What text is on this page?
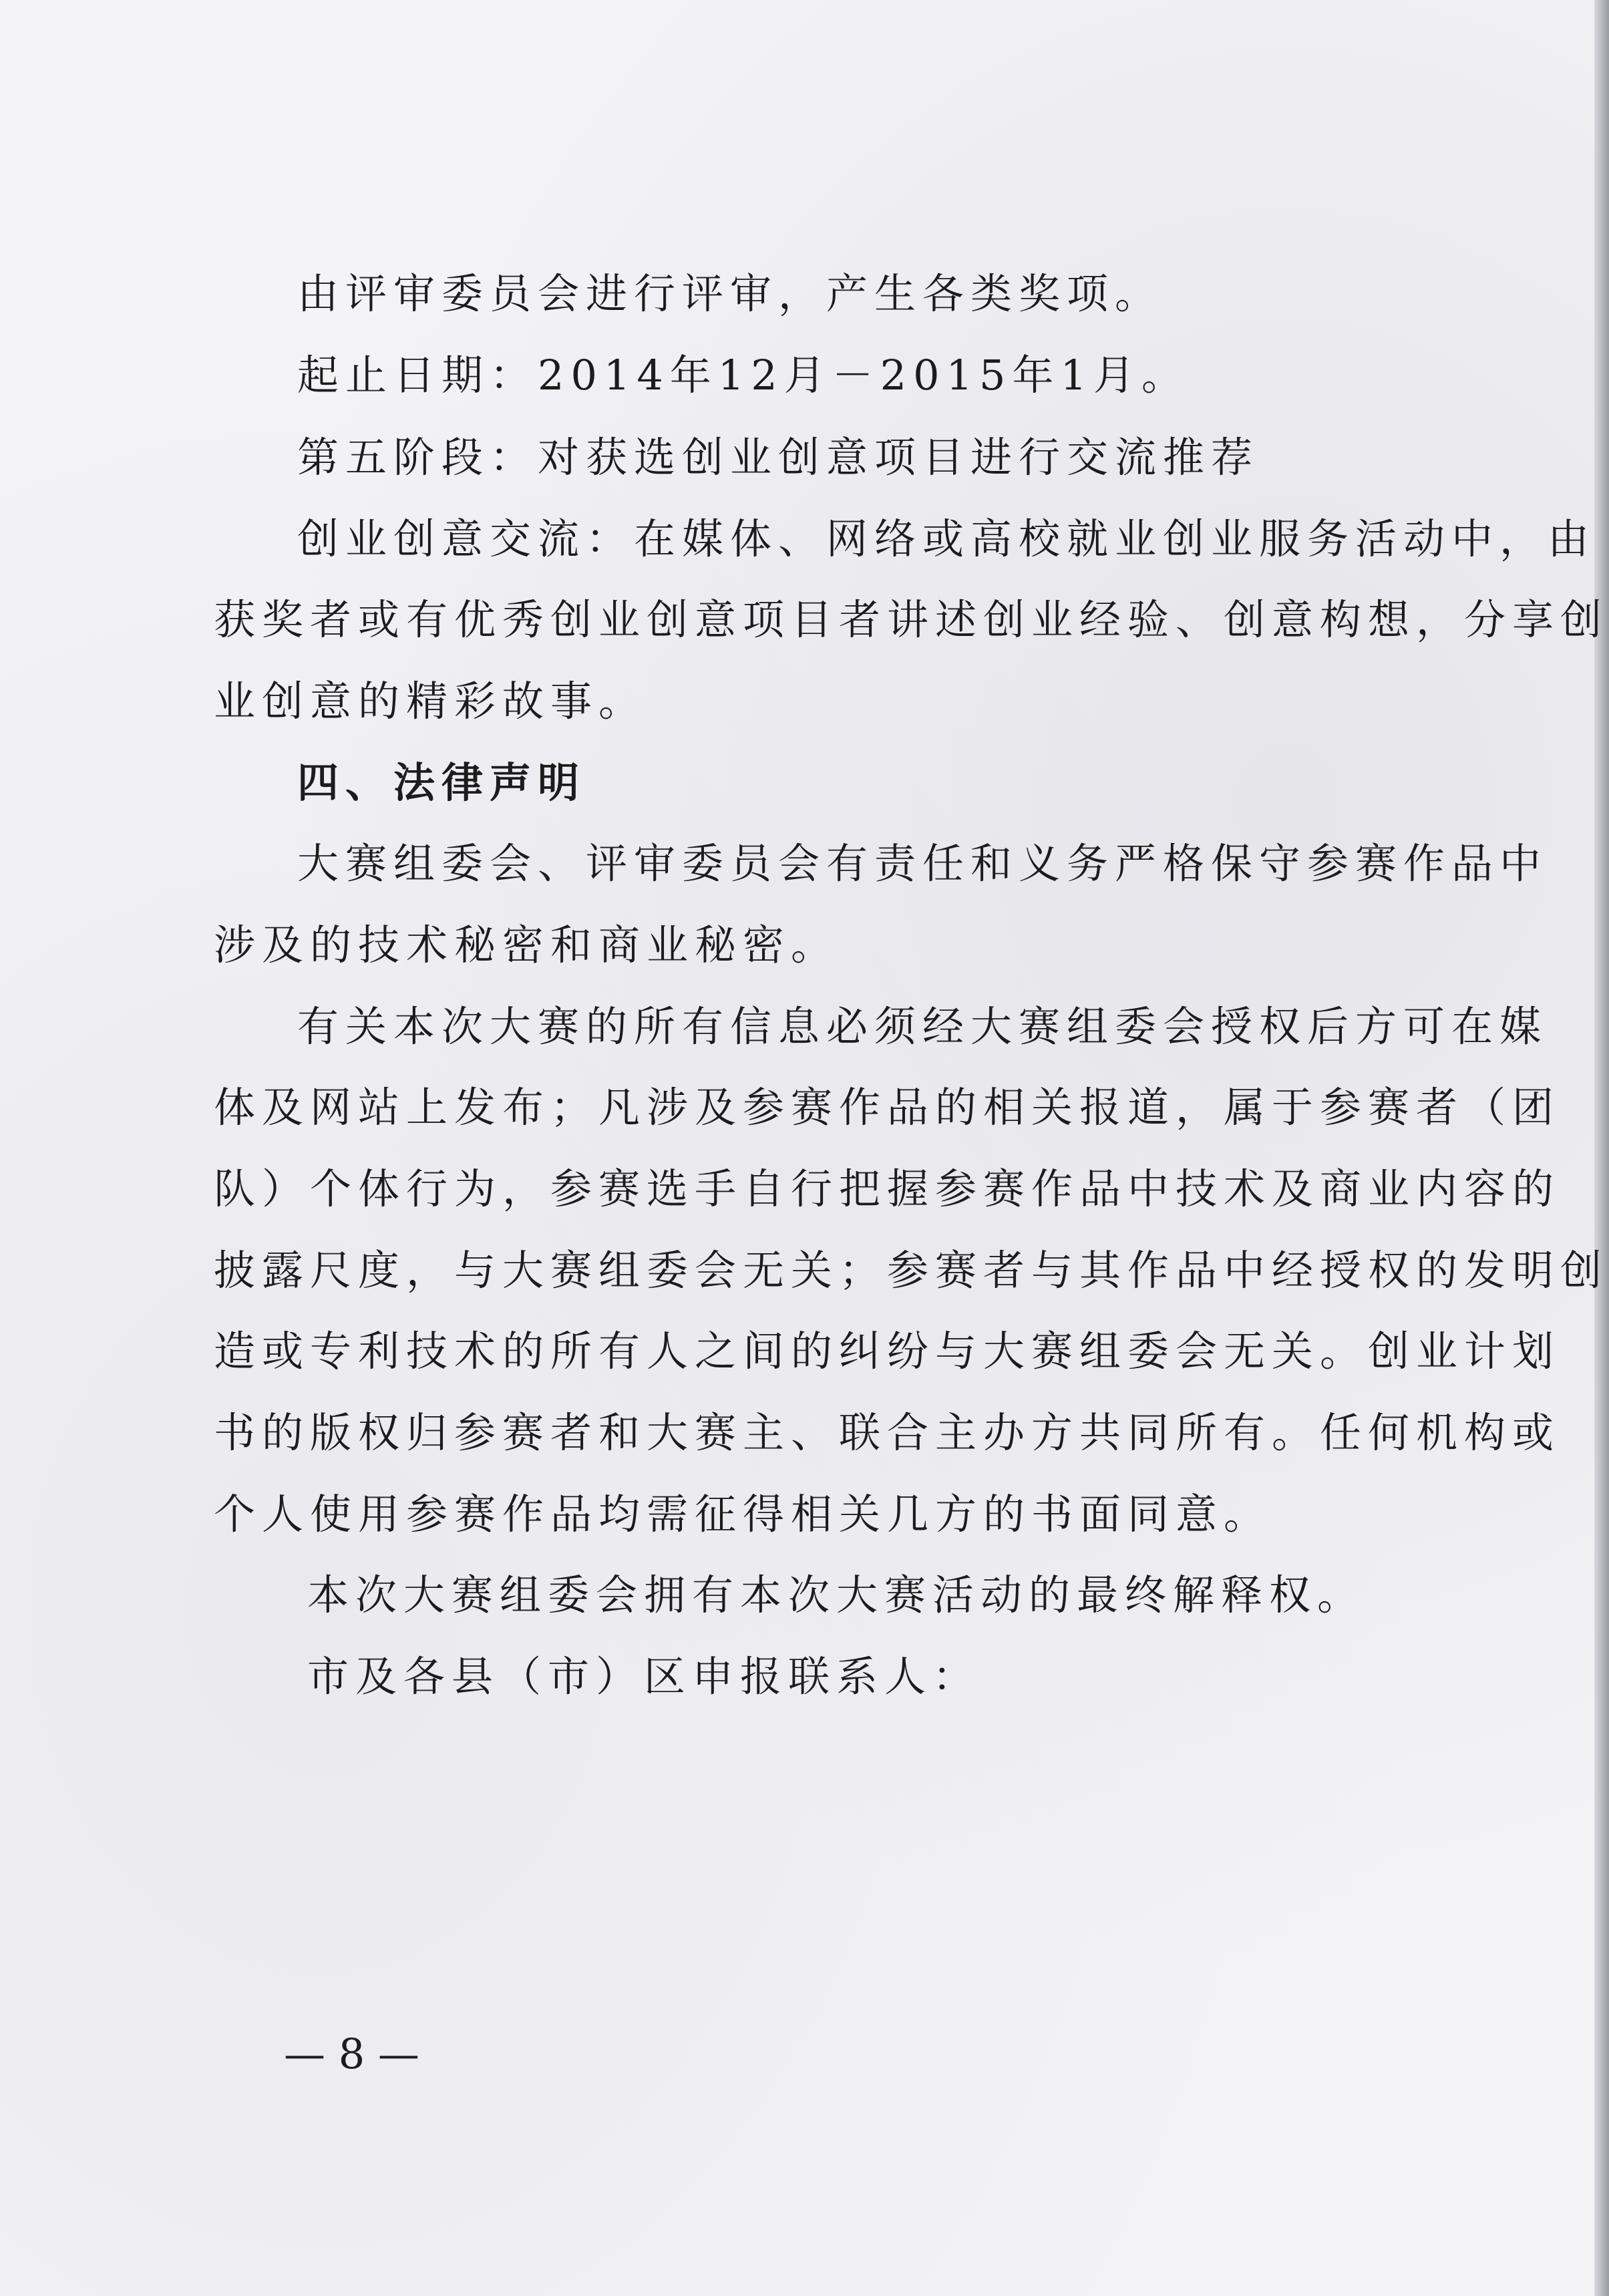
由评审委员会进行评审，产生各类奖项。
起止日期：2014年12月－2015年1月。
第五阶段：对获选创业创意项目进行交流推荐
创业创意交流：在媒体、网络或高校就业创业服务活动中，由
获奖者或有优秀创业创意项目者讲述创业经验、创意构想，分享创
业创意的精彩故事。
四、法律声明
大赛组委会、评审委员会有责任和义务严格保守参赛作品中
涉及的技术秘密和商业秘密。
有关本次大赛的所有信息必须经大赛组委会授权后方可在媒
体及网站上发布；凡涉及参赛作品的相关报道，属于参赛者（团
队）个体行为，参赛选手自行把握参赛作品中技术及商业内容的
披露尺度，与大赛组委会无关；参赛者与其作品中经授权的发明创
造或专利技术的所有人之间的纠纷与大赛组委会无关。创业计划
书的版权归参赛者和大赛主、联合主办方共同所有。任何机构或
个人使用参赛作品均需征得相关几方的书面同意。
本次大赛组委会拥有本次大赛活动的最终解释权。
市及各县（市）区申报联系人：
— 8 —
